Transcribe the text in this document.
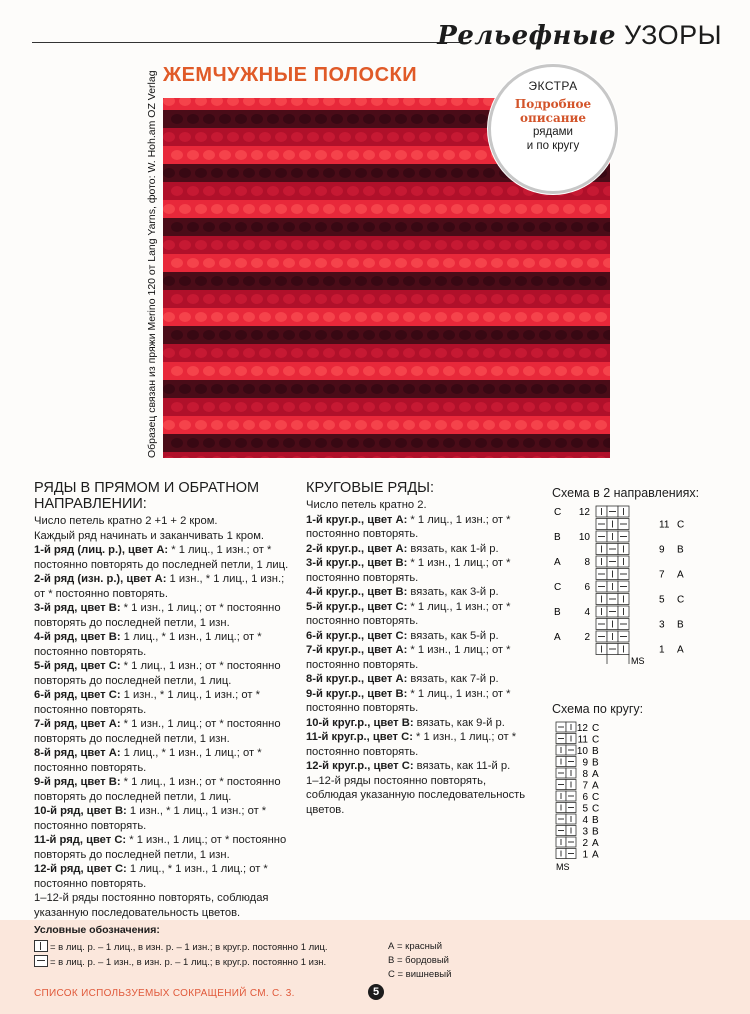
Рельефные УЗОРЫ
ЖЕМЧУЖНЫЕ ПОЛОСКИ
Образец связан из пряжи Merino 120 от Lang Yarns, фото: W. Hoh.am OZ Verlag	ЭКСТРА
Подробное
описание
рядами
и по кругу
РЯДЫ В ПРЯМОМ И ОБРАТНОМ НАПРАВЛЕНИИ:
Число петель кратно 2 +1 + 2 кром.
Каждый ряд начинать и заканчивать 1 кром.
1-й ряд (лиц. р.), цвет А: * 1 лиц., 1 изн.; от * постоянно повторять до последней петли, 1 лиц.
2-й ряд (изн. р.), цвет А: 1 изн., * 1 лиц., 1 изн.; от * постоянно повторять.
3-й ряд, цвет В: * 1 изн., 1 лиц.; от * постоянно повторять до последней петли, 1 изн.
4-й ряд, цвет В: 1 лиц., * 1 изн., 1 лиц.; от * постоянно повторять.
5-й ряд, цвет С: * 1 лиц., 1 изн.; от * постоянно повторять до последней петли, 1 лиц.
6-й ряд, цвет С: 1 изн., * 1 лиц., 1 изн.; от * постоянно повторять.
7-й ряд, цвет А: * 1 изн., 1 лиц.; от * постоянно повторять до последней петли, 1 изн.
8-й ряд, цвет А: 1 лиц., * 1 изн., 1 лиц.; от * постоянно повторять.
9-й ряд, цвет В: * 1 лиц., 1 изн.; от * постоянно повторять до последней петли, 1 лиц.
10-й ряд, цвет В: 1 изн., * 1 лиц., 1 изн.; от * постоянно повторять.
11-й ряд, цвет С: * 1 изн., 1 лиц.; от * постоянно повторять до последней петли, 1 изн.
12-й ряд, цвет С: 1 лиц., * 1 изн., 1 лиц.; от * постоянно повторять.
1–12-й ряды постоянно повторять, соблюдая указанную последовательность цветов.
КРУГОВЫЕ РЯДЫ:
Число петель кратно 2.
1-й круг.р., цвет А: * 1 лиц., 1 изн.; от * постоянно повторять.
2-й круг.р., цвет А: вязать, как 1-й р.
3-й круг.р., цвет В: * 1 изн., 1 лиц.; от * постоянно повторять.
4-й круг.р., цвет В: вязать, как 3-й р.
5-й круг.р., цвет С: * 1 лиц., 1 изн.; от * постоянно повторять.
6-й круг.р., цвет С: вязать, как 5-й р.
7-й круг.р., цвет А: * 1 изн., 1 лиц.; от * постоянно повторять.
8-й круг.р., цвет А: вязать, как 7-й р.
9-й круг.р., цвет В: * 1 лиц., 1 изн.; от * постоянно повторять.
10-й круг.р., цвет В: вязать, как 9-й р.
11-й круг.р., цвет С: * 1 изн., 1 лиц.; от * постоянно повторять.
12-й круг.р., цвет С: вязать, как 11-й р.
1–12-й ряды постоянно повторять, соблюдая указанную последовательность цветов.
Схема в 2 направлениях:
12
C
11 C
10
B
9 B
8
A
7 A
6
C
5 C
4
B
3 B
2
A
1 A
MS
Схема по кругу:
12 C
11 C
10 B
9 B
8 A
7 A
6 C
5 C
4 B
3 B
2 A
1 A
MS
Условные обозначения:
= в лиц. р. – 1 лиц., в изн. р. – 1 изн.; в круг.р. постоянно 1 лиц.
= в лиц. р. – 1 изн., в изн. р. – 1 лиц.; в круг.р. постоянно 1 изн.
А = красный
В = бордовый
С = вишневый
СПИСОК ИСПОЛЬЗУЕМЫХ СОКРАЩЕНИЙ СМ. С. 3.	5
